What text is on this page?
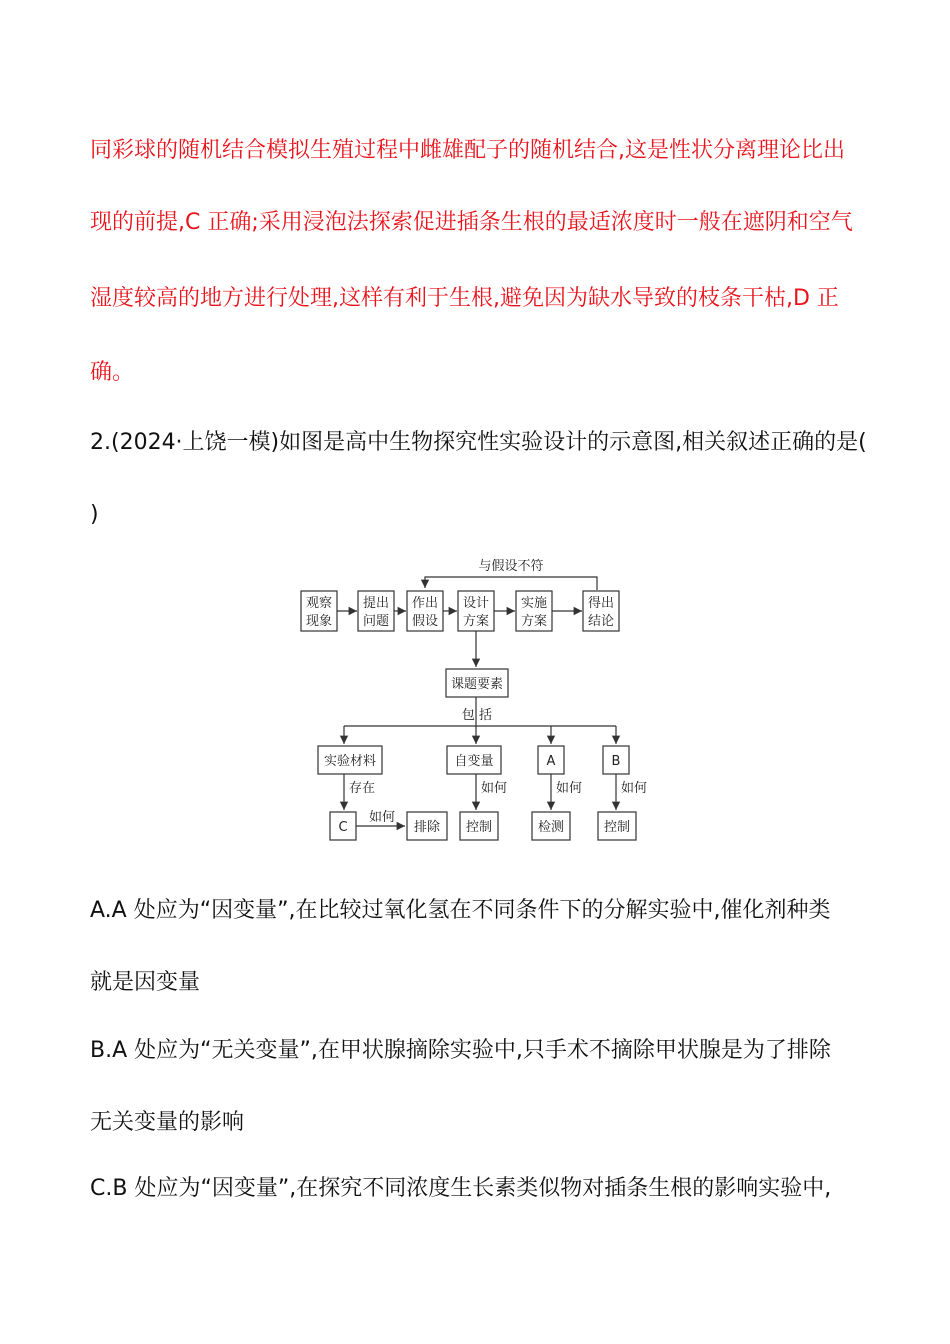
同彩球的随机结合模拟生殖过程中雌雄配子的随机结合,这是性状分离理论比出
现的前提,C 正确;采用浸泡法探索促进插条生根的最适浓度时一般在遮阴和空气
湿度较高的地方进行处理,这样有利于生根,避免因为缺水导致的枝条干枯,D 正
确。
2.(2024·上饶一模)如图是高中生物探究性实验设计的示意图,相关叙述正确的是(
)
与假设不符
观察
现象
提出
问题
作出
假设
设计
方案
实施
方案
得出
结论
课题要素
包 括
实验材料	自变量	A	B
存在	如何	如何	如何
C
如何
排除 控制	检测	控制
A.A 处应为“因变量”,在比较过氧化氢在不同条件下的分解实验中,催化剂种类
就是因变量
B.A 处应为“无关变量”,在甲状腺摘除实验中,只手术不摘除甲状腺是为了排除
无关变量的影响
C.B 处应为“因变量”,在探究不同浓度生长素类似物对插条生根的影响实验中,
